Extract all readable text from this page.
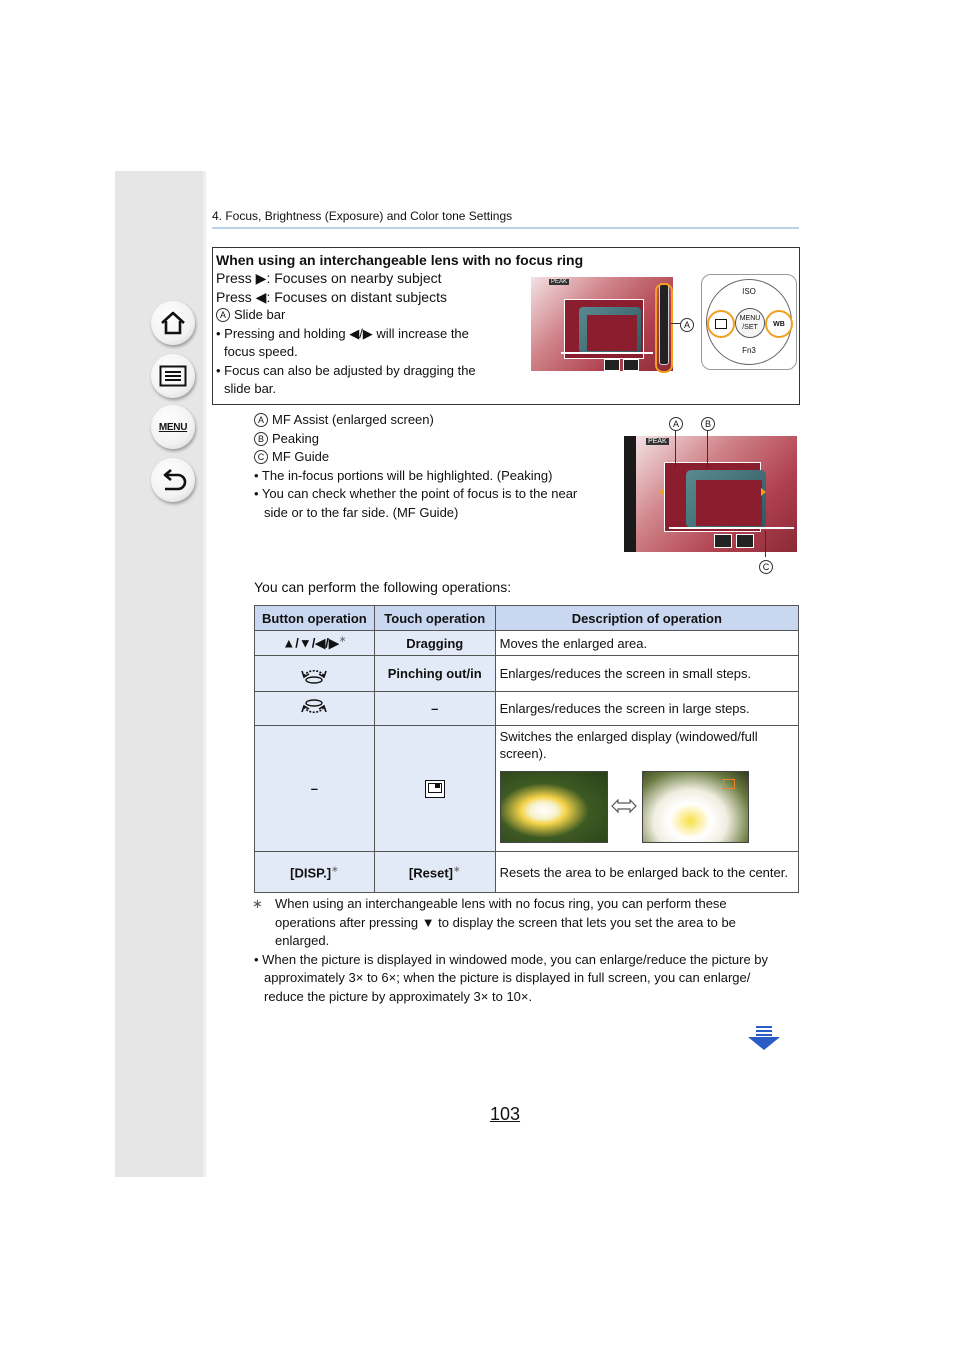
MENU
4. Focus, Brightness (Exposure) and Color tone Settings
When using an interchangeable lens with no focus ring
Press ▶: Focuses on nearby subject
Press ◀: Focuses on distant subjects
A Slide bar
• Pressing and holding ◀/▶ will increase the
focus speed.
• Focus can also be adjusted by dragging the
slide bar.
PEAK
A
MENU
/SET
ISO
Fn3
WB
A MF Assist (enlarged screen)
B Peaking
C MF Guide
• The in-focus portions will be highlighted. (Peaking)
• You can check whether the point of focus is to the near
side or to the far side. (MF Guide)
A	B
PEAK
C
You can perform the following operations:
Button operation	Touch operation	Description of operation
▲/▼/◀/▶∗	Dragging	Moves the enlarged area.
	Pinching out/in	Enlarges/reduces the screen in small steps.
	–	Enlarges/reduces the screen in large steps.
–		Switches the enlarged display (windowed/full screen).

[DISP.]∗	[Reset]∗	Resets the area to be enlarged back to the center.
∗ When using an interchangeable lens with no focus ring, you can perform these
operations after pressing ▼ to display the screen that lets you set the area to be
enlarged.
• When the picture is displayed in windowed mode, you can enlarge/reduce the picture by
approximately 3× to 6×; when the picture is displayed in full screen, you can enlarge/
reduce the picture by approximately 3× to 10×.
103
